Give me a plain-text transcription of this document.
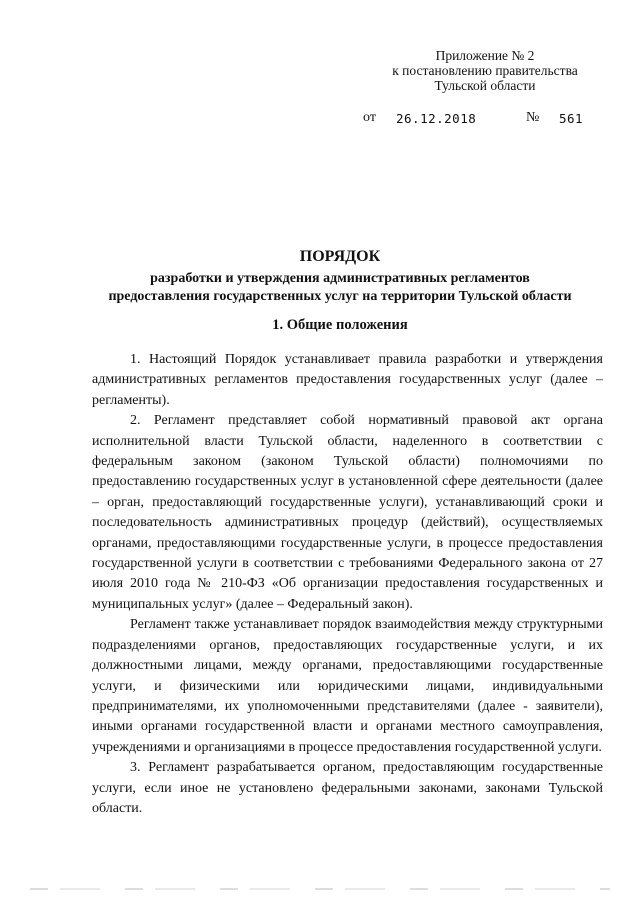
Приложение № 2
к постановлению правительства
Тульской области
от 26.12.2018	№ 561
ПОРЯДОК
разработки и утверждения административных регламентов
предоставления государственных услуг на территории Тульской области
1. Общие положения

1. Настоящий Порядок устанавливает правила разработки и утверждения административных регламентов предоставления государственных услуг (далее – регламенты).

2. Регламент представляет собой нормативный правовой акт органа исполнительной власти Тульской области, наделенного в соответствии с федеральным законом (законом Тульской области) полномочиями по предоставлению государственных услуг в установленной сфере деятельности (далее – орган, предоставляющий государственные услуги), устанавливающий сроки и последовательность административных процедур (действий), осуществляемых органами, предоставляющими государственные услуги, в процессе предоставления государственной услуги в соответствии с требованиями Федерального закона от 27 июля 2010 года № 210-ФЗ «Об организации предоставления государственных и муниципальных услуг» (далее – Федеральный закон).

Регламент также устанавливает порядок взаимодействия между структурными подразделениями органов, предоставляющих государственные услуги, и их должностными лицами, между органами, предоставляющими государственные услуги, и физическими или юридическими лицами, индивидуальными предпринимателями, их уполномоченными представителями (далее - заявители), иными органами государственной власти и органами местного самоуправления, учреждениями и организациями в процессе предоставления государственной услуги.

3. Регламент разрабатывается органом, предоставляющим государственные услуги, если иное не установлено федеральными законами, законами Тульской области.
